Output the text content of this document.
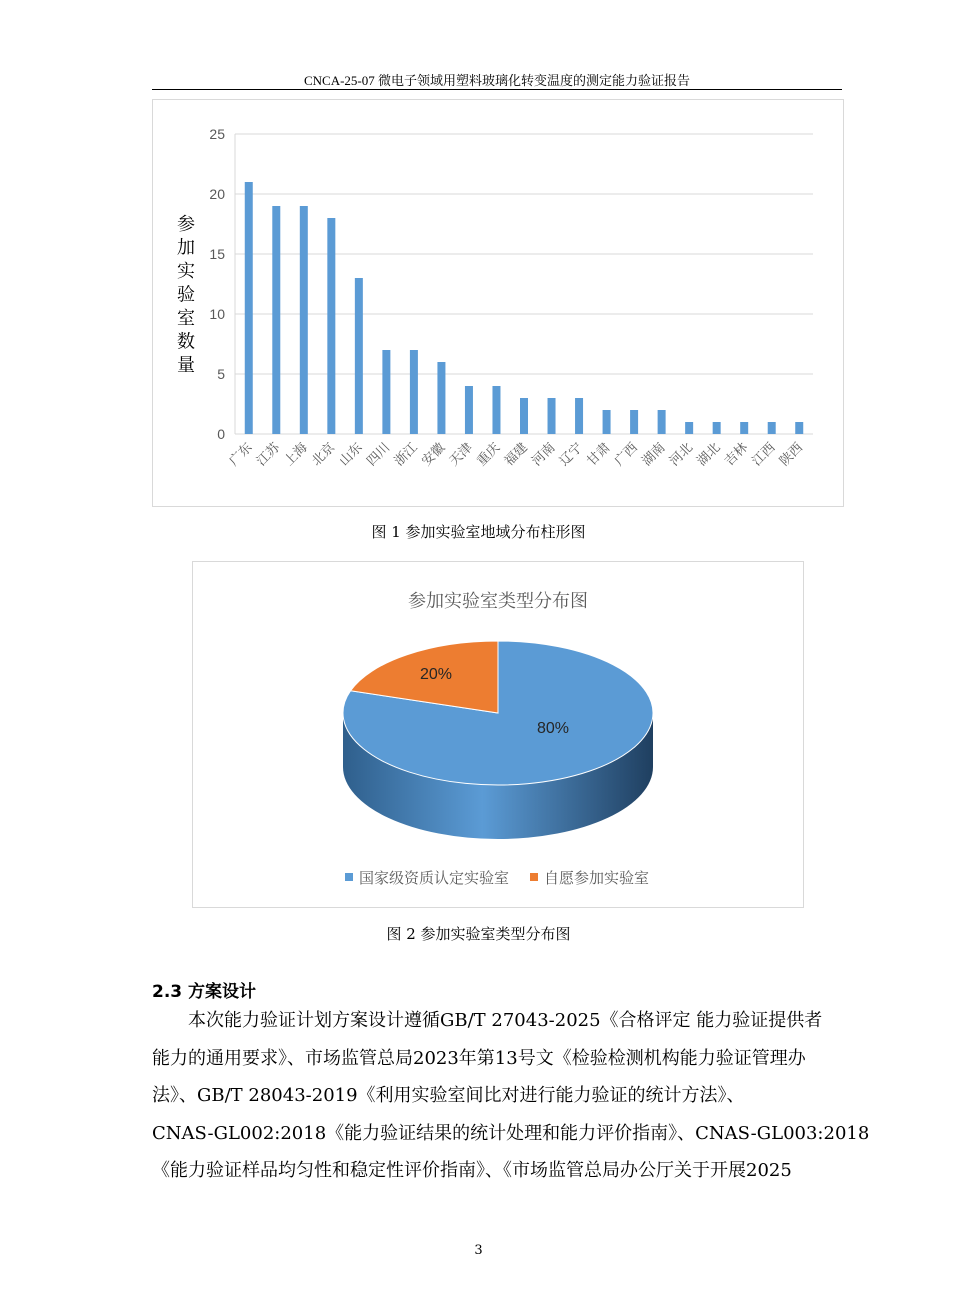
CNCA-25-07 微电子领域用塑料玻璃化转变温度的测定能力验证报告
0
5
10
15
20
25
广东
江苏
上海
北京
山东
四川
浙江
安徽
天津
重庆
福建
河南
辽宁
甘肃
广西
湖南
河北
湖北
吉林
江西
陕西
参
加
实
验
室
数
量
图 1 参加实验室地域分布柱形图
参加实验室类型分布图
80%
20%
国家级资质认定实验室 自愿参加实验室
图 2 参加实验室类型分布图
2.3 方案设计
　　本次能力验证计划方案设计遵循GB/T 27043-2025《合格评定 能力验证提供者
能力的通用要求》、市场监管总局2023年第13号文《检验检测机构能力验证管理办
法》、GB/T 28043-2019《利用实验室间比对进行能力验证的统计方法》、
CNAS-GL002:2018《能力验证结果的统计处理和能力评价指南》、CNAS-GL003:2018
《能力验证样品均匀性和稳定性评价指南》、《市场监管总局办公厅关于开展2025
3
